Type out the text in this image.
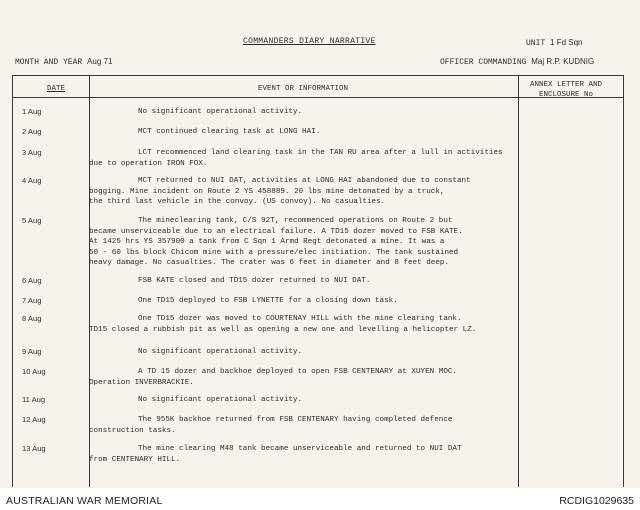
COMMANDERS DIARY NARRATIVE	UNIT 1 Fd Sqn
MONTH AND YEAR Aug 71	OFFICER COMMANDING Maj R.P. KUDNIG
DATE	EVENT OR INFORMATION	ANNEX LETTER AND
ENCLOSURE No
1 Aug	No significant operational activity.
2 Aug	MCT continued clearing task at LONG HAI.
3 Aug	LCT recommenced land clearing task in the TAN RU area after a lull in activities
due to operation IRON FOX.
4 Aug	MCT returned to NUI DAT, activities at LONG HAI abandoned due to constant
bogging. Mine incident on Route 2 YS 458889. 20 lbs mine detonated by a truck,
the third last vehicle in the convoy. (US convoy). No casualties.
5 Aug	The mineclearing tank, C/S 92T, recommenced operations on Route 2 but
became unserviceable due to an electrical failure. A TD15 dozer moved to FSB KATE.
At 1425 hrs YS 357900 a tank from C Sqn 1 Armd Regt detonated a mine. It was a
50 - 60 lbs block Chicom mine with a pressure/elec initiation. The tank sustained
heavy damage. No casualties. The crater was 6 feet in diameter and 8 feet deep.
6 Aug	FSB KATE closed and TD15 dozer returned to NUI DAT.
7 Aug	One TD15 deployed to FSB LYNETTE for a closing down task.
8 Aug	One TD15 dozer was moved to COURTENAY HILL with the mine clearing tank.
TD15 closed a rubbish pit as well as opening a new one and levelling a helicopter LZ.
9 Aug	No significant operational activity.
10 Aug	A TD 15 dozer and backhoe deployed to open FSB CENTENARY at XUYEN MOC.
Operation INVERBRACKIE.
11 Aug	No significant operational activity.
12 Aug	The 955K backhoe returned from FSB CENTENARY having completed defence
construction tasks.
13 Aug	The mine clearing M48 tank became unserviceable and returned to NUI DAT
from CENTENARY HILL.
AUSTRALIAN WAR MEMORIAL	RCDIG1029635
